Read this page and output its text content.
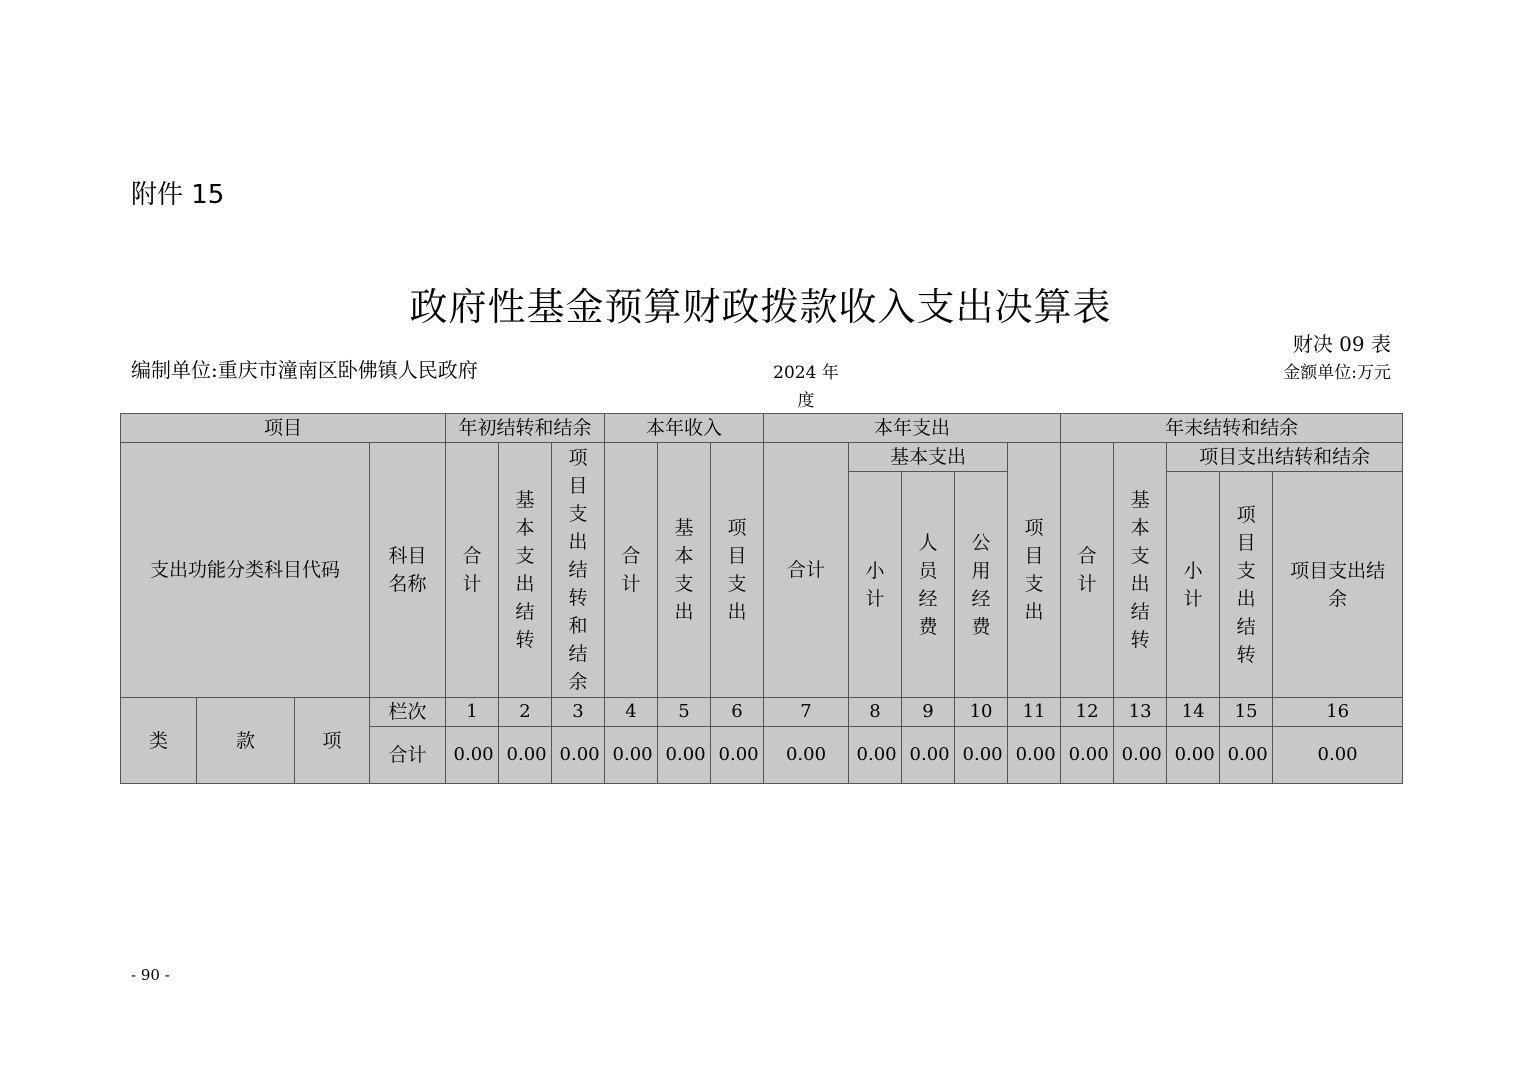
附件 15
政府性基金预算财政拨款收入支出决算表
财决 09 表
编制单位:重庆市潼南区卧佛镇人民政府	2024 年度
金额单位:万元
项目				年初结转和结余			本年收入			本年支出					年末结转和结余				
支出功能分类科目代码			科目名称	合计	基本支出结转	项目支出结转和结余	合计	基本支出	项目支出	合计	基本支出			项目支出	合计	基本支出结转	项目支出结转和结余		
											小计	人员经费	公用经费				小计	项目支出结转	项目支出结余
类	款	项	栏次	1	2	3	4	5	6	7	8	9	10	11	12	13	14	15	16
			合计	0.00	0.00	0.00	0.00	0.00	0.00	0.00	0.00	0.00	0.00	0.00	0.00	0.00	0.00	0.00	0.00
- 90 -
